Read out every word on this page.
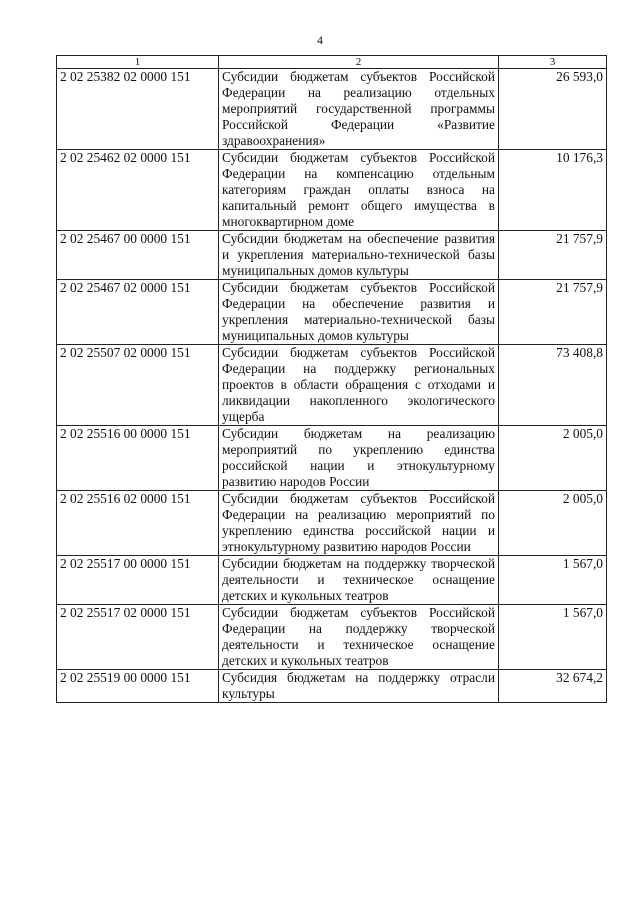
4
1	2	3
2 02 25382 02 0000 151	Субсидии бюджетам субъектов Российской Федерации на реализацию отдельных мероприятий государственной программы Российской Федерации «Развитие здравоохранения»	26 593,0
2 02 25462 02 0000 151	Субсидии бюджетам субъектов Российской Федерации на компенсацию отдельным категориям граждан оплаты взноса на капитальный ремонт общего имущества в многоквартирном доме	10 176,3
2 02 25467 00 0000 151	Субсидии бюджетам на обеспечение развития и укрепления материально-технической базы муниципальных домов культуры	21 757,9
2 02 25467 02 0000 151	Субсидии бюджетам субъектов Российской Федерации на обеспечение развития и укрепления материально-технической базы муниципальных домов культуры	21 757,9
2 02 25507 02 0000 151	Субсидии бюджетам субъектов Российской Федерации на поддержку региональных проектов в области обращения с отходами и ликвидации накопленного экологического ущерба	73 408,8
2 02 25516 00 0000 151	Субсидии бюджетам на реализацию мероприятий по укреплению единства российской нации и этнокультурному развитию народов России	2 005,0
2 02 25516 02 0000 151	Субсидии бюджетам субъектов Российской Федерации на реализацию мероприятий по укреплению единства российской нации и этнокультурному развитию народов России	2 005,0
2 02 25517 00 0000 151	Субсидии бюджетам на поддержку творческой деятельности и техническое оснащение детских и кукольных театров	1 567,0
2 02 25517 02 0000 151	Субсидии бюджетам субъектов Российской Федерации на поддержку творческой деятельности и техническое оснащение детских и кукольных театров	1 567,0
2 02 25519 00 0000 151	Субсидия бюджетам на поддержку отрасли культуры	32 674,2
